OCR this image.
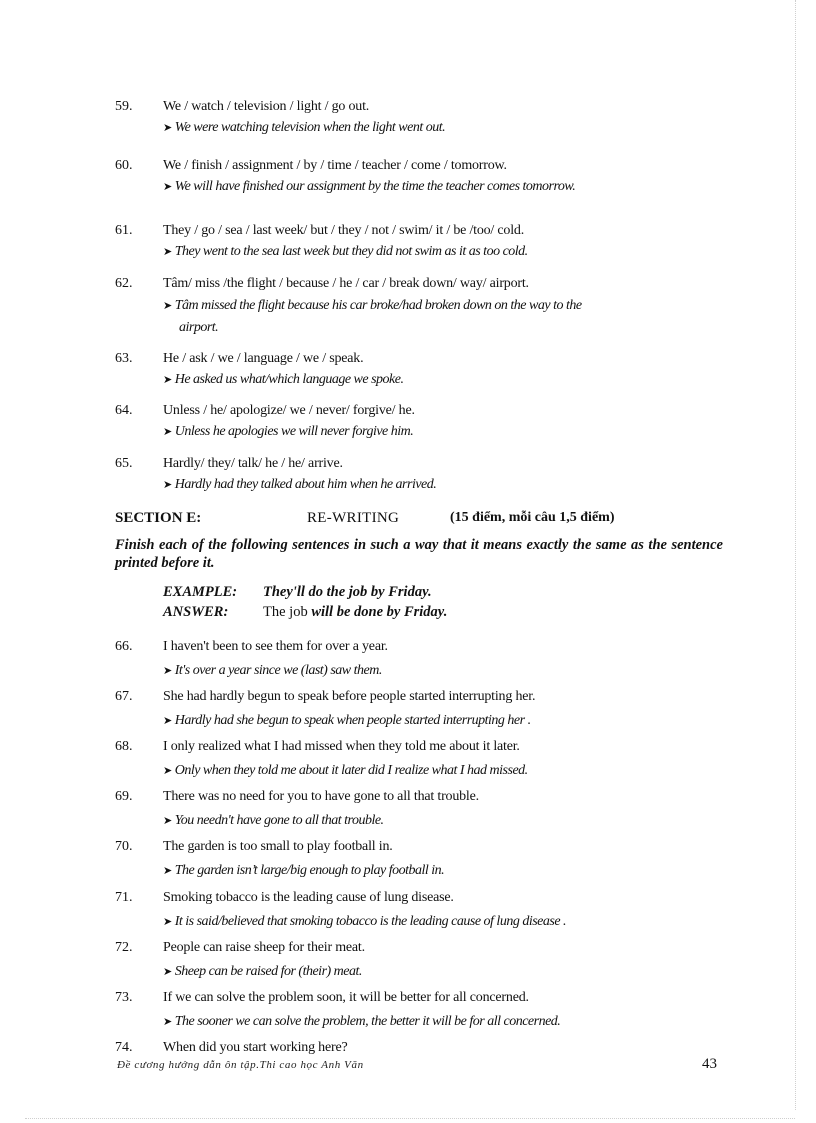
59.	We / watch / television / light / go out.
➤ We were watching television when the light went out.
60.	We / finish / assignment / by / time / teacher / come / tomorrow.
➤ We will have finished our assignment by the time the teacher comes tomorrow.
61.	They / go / sea / last week/ but / they / not / swim/ it / be /too/ cold.
➤ They went to the sea last week but they did not swim as it as too cold.
62.	Tâm/ miss /the flight / because / he / car / break down/ way/ airport.
➤ Tâm missed the flight because his car broke/had broken down on the way to the
airport.
63.	He / ask / we / language / we / speak.
➤ He asked us what/which language we spoke.
64.	Unless / he/ apologize/ we / never/ forgive/ he.
➤ Unless he apologies we will never forgive him.
65.	Hardly/ they/ talk/ he / he/ arrive.
➤ Hardly had they talked about him when he arrived.
SECTION E:	RE-WRITING	(15 điểm, mỗi câu 1,5 điểm)
Finish each of the following sentences in such a way that it means exactly the same as the sentence printed before it.
EXAMPLE: They'll do the job by Friday.
ANSWER: The job will be done by Friday.
66.	I haven't been to see them for over a year.
➤ It's over a year since we (last) saw them.
67.	She had hardly begun to speak before people started interrupting her.
➤ Hardly had she begun to speak when people started interrupting her .
68.	I only realized what I had missed when they told me about it later.
➤ Only when they told me about it later did I realize what I had missed.
69.	There was no need for you to have gone to all that trouble.
➤ You needn't have gone to all that trouble.
70.	The garden is too small to play football in.
➤ The garden isn’t large/big enough to play football in.
71.	Smoking tobacco is the leading cause of lung disease.
➤ It is said/believed that smoking tobacco is the leading cause of lung disease .
72.	People can raise sheep for their meat.
➤ Sheep can be raised for (their) meat.
73.	If we can solve the problem soon, it will be better for all concerned.
➤ The sooner we can solve the problem, the better it will be for all concerned.
74.	When did you start working here?
Đề cương hướng dẫn ôn tập.Thi cao học Anh Văn	43
